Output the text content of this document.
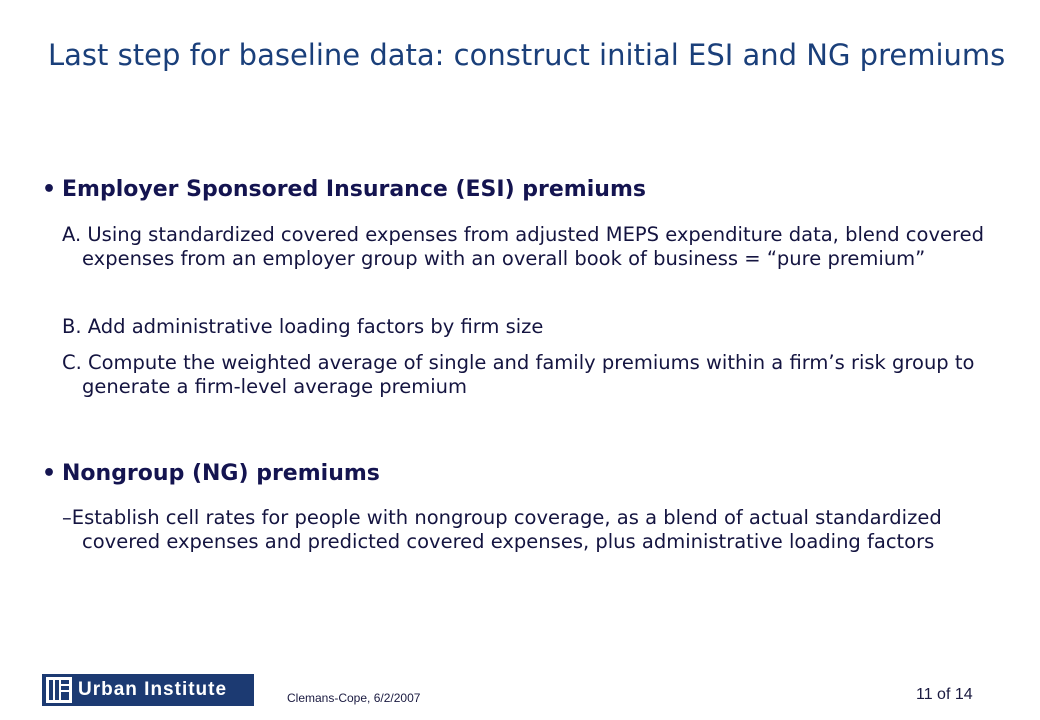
Last step for baseline data: construct initial ESI and NG premiums
• Employer Sponsored Insurance (ESI) premiums
A. Using standardized covered expenses from adjusted MEPS expenditure data, blend covered expenses from an employer group with an overall book of business = “pure premium”
B. Add administrative loading factors by firm size
C. Compute the weighted average of single and family premiums within a firm’s risk group to generate a firm-level average premium
• Nongroup (NG) premiums
–Establish cell rates for people with nongroup coverage, as a blend of actual standardized covered expenses and predicted covered expenses, plus administrative loading factors
Urban Institute	Clemans-Cope, 6/2/2007	11 of 14
